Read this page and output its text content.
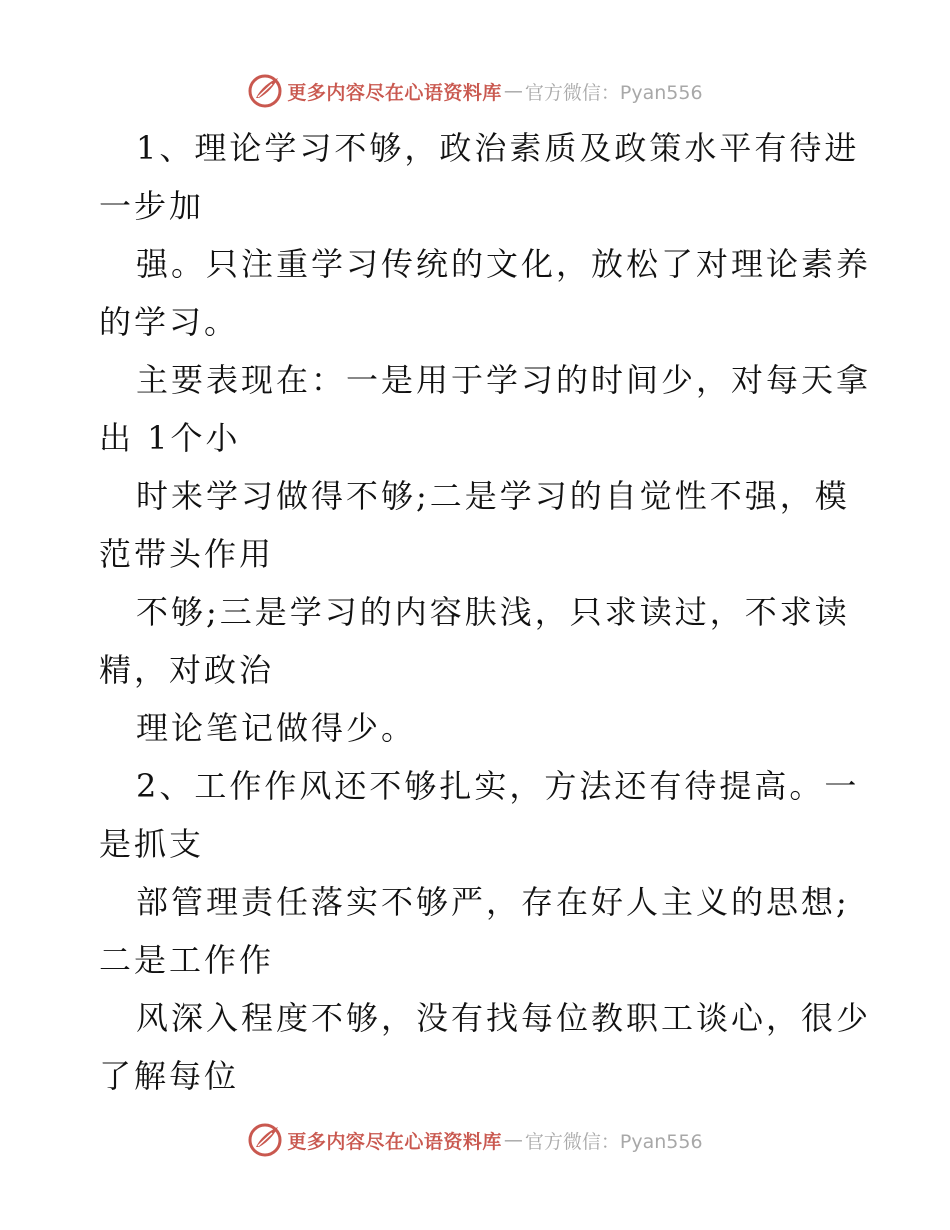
更多内容尽在心语资料库 — 官方微信：Pyan556
1、理论学习不够，政治素质及政策水平有待进
一步加
强。只注重学习传统的文化，放松了对理论素养
的学习。
主要表现在：一是用于学习的时间少，对每天拿
出 1个小
时来学习做得不够;二是学习的自觉性不强，模
范带头作用
不够;三是学习的内容肤浅，只求读过，不求读
精，对政治
理论笔记做得少。
2、工作作风还不够扎实，方法还有待提高。一
是抓支
部管理责任落实不够严，存在好人主义的思想;
二是工作作
风深入程度不够，没有找每位教职工谈心，很少
了解每位
更多内容尽在心语资料库 — 官方微信：Pyan556
